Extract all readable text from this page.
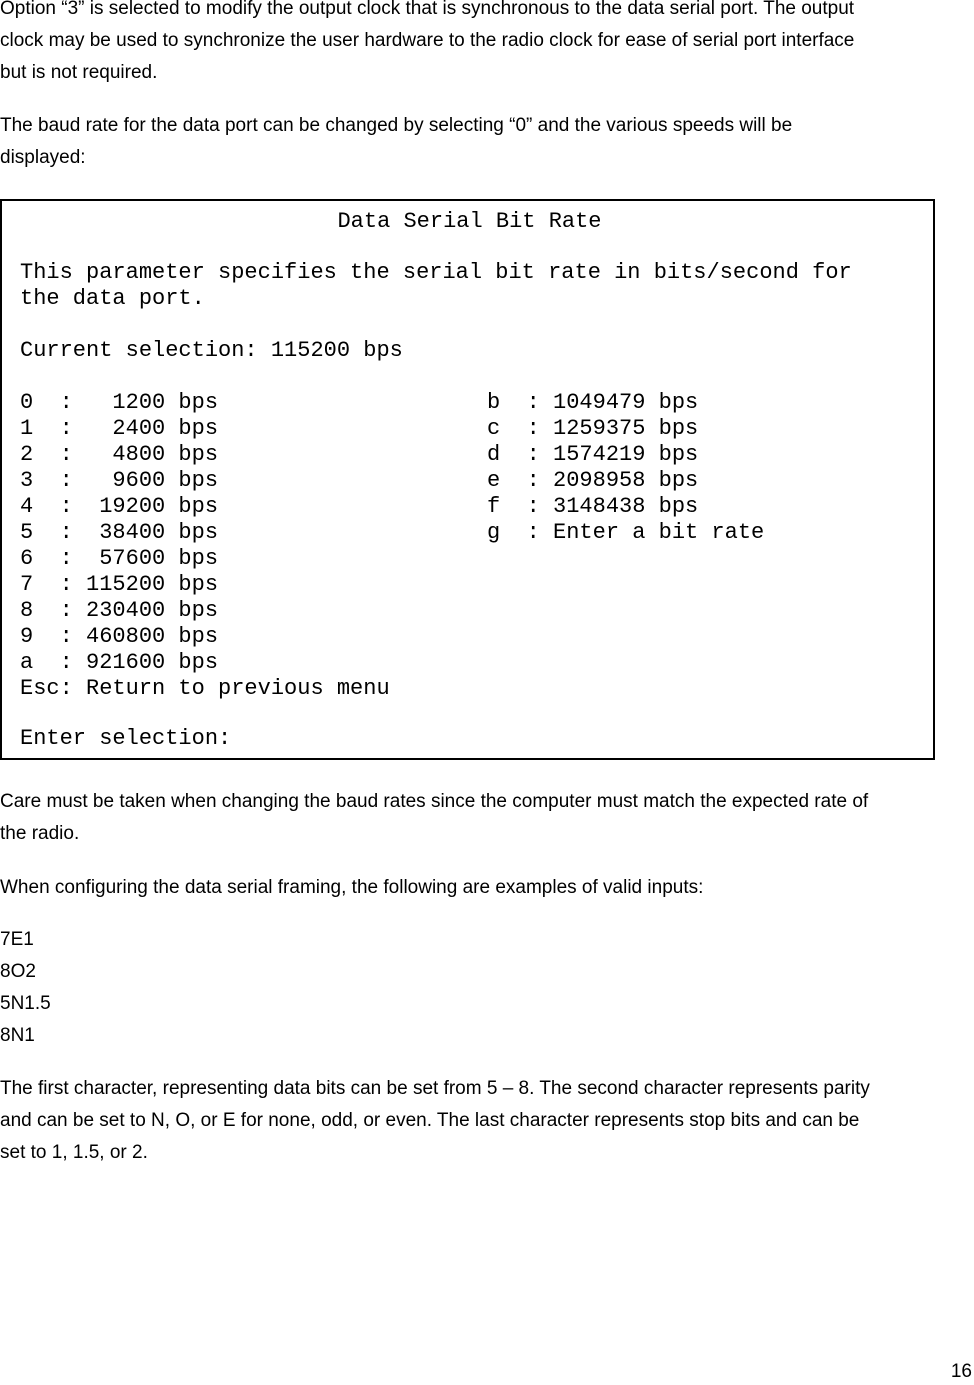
Option “3” is selected to modify the output clock that is synchronous to the data serial port. The output
clock may be used to synchronize the user hardware to the radio clock for ease of serial port interface
but is not required.

The baud rate for the data port can be changed by selecting “0” and the various speeds will be
displayed:

Data Serial Bit Rate
This parameter specifies the serial bit rate in bits/second for
the data port.
Current selection: 115200 bps
0  :   1200 bps
1  :   2400 bps
2  :   4800 bps
3  :   9600 bps
4  :  19200 bps
5  :  38400 bps
6  :  57600 bps
7  : 115200 bps
8  : 230400 bps
9  : 460800 bps
a  : 921600 bps
b  : 1049479 bps
c  : 1259375 bps
d  : 1574219 bps
e  : 2098958 bps
f  : 3148438 bps
g  : Enter a bit rate
Esc: Return to previous menu
Enter selection:

Care must be taken when changing the baud rates since the computer must match the expected rate of
the radio.

When configuring the data serial framing, the following are examples of valid inputs:

7E1
8O2
5N1.5
8N1

The first character, representing data bits can be set from 5 – 8. The second character represents parity
and can be set to N, O, or E for none, odd, or even. The last character represents stop bits and can be
set to 1, 1.5, or 2.

16
